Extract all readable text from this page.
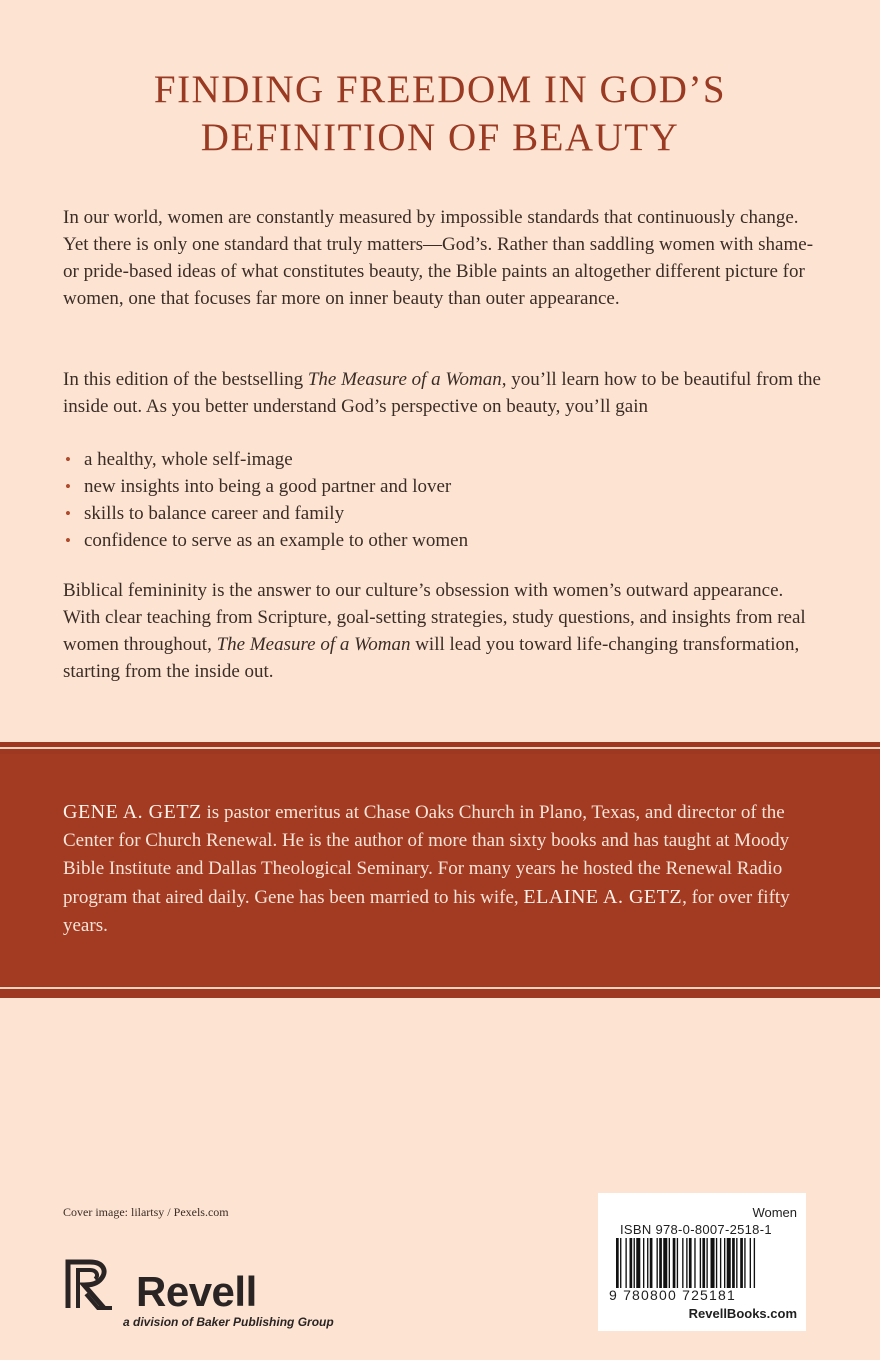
FINDING FREEDOM IN GOD’S
DEFINITION OF BEAUTY

In our world, women are constantly measured by impossible standards that continuously change. Yet there is only one standard that truly matters—God’s. Rather than saddling women with shame- or pride-based ideas of what constitutes beauty, the Bible paints an altogether different picture for women, one that focuses far more on inner beauty than outer appearance.

In this edition of the bestselling The Measure of a Woman, you’ll learn how to be beautiful from the inside out. As you better understand God’s perspective on beauty, you’ll gain

• a healthy, whole self-image
• new insights into being a good partner and lover
• skills to balance career and family
• confidence to serve as an example to other women

Biblical femininity is the answer to our culture’s obsession with women’s outward appearance. With clear teaching from Scripture, goal-setting strategies, study questions, and insights from real women throughout, The Measure of a Woman will lead you toward life-changing transformation, starting from the inside out.

GENE A. GETZ is pastor emeritus at Chase Oaks Church in Plano, Texas, and director of the Center for Church Renewal. He is the author of more than sixty books and has taught at Moody Bible Institute and Dallas Theological Seminary. For many years he hosted the Renewal Radio program that aired daily. Gene has been married to his wife, ELAINE A. GETZ, for over fifty years.

Cover image: lilartsy / Pexels.com
Revell
a division of Baker Publishing Group
Women
ISBN 978-0-8007-2518-1
9 780800 725181
RevellBooks.com
